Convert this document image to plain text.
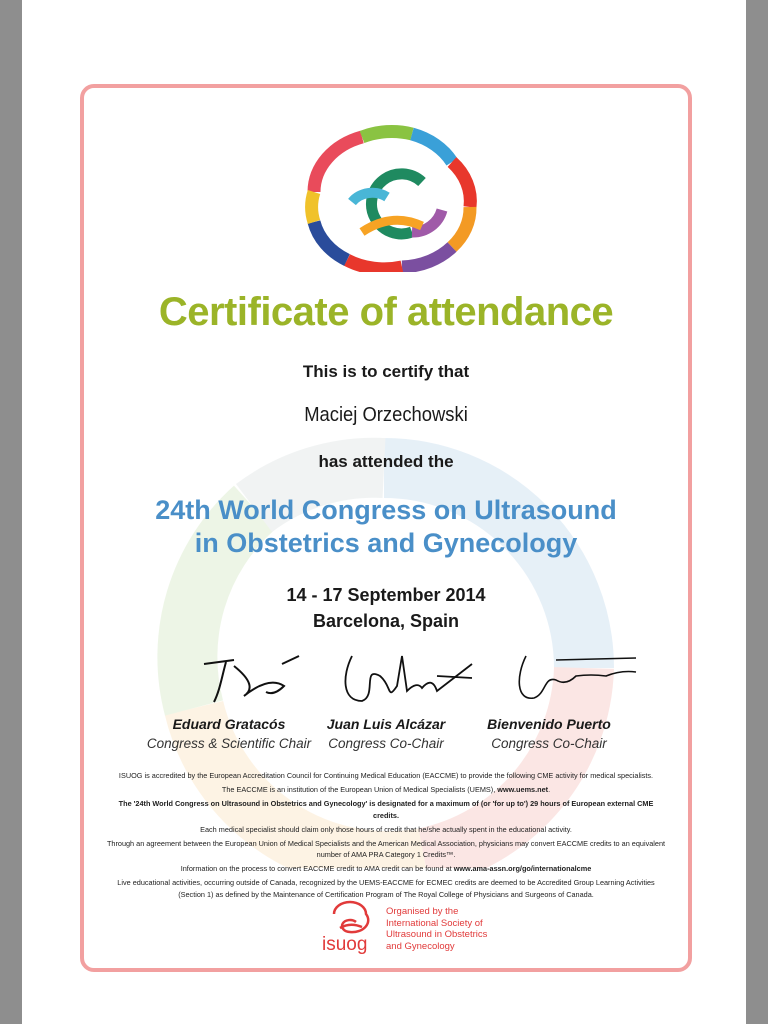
Certificate of attendance
This is to certify that
Maciej Orzechowski
has attended the
24th World Congress on Ultrasound
in Obstetrics and Gynecology
14 - 17 September 2014
Barcelona, Spain
Eduard Gratacós
Congress & Scientific Chair
Juan Luis Alcázar
Congress Co-Chair
Bienvenido Puerto
Congress Co-Chair

ISUOG is accredited by the European Accreditation Council for Continuing Medical Education (EACCME) to provide the following CME activity for medical specialists.

The EACCME is an institution of the European Union of Medical Specialists (UEMS), www.uems.net.

The '24th World Congress on Ultrasound in Obstetrics and Gynecology' is designated for a maximum of (or 'for up to') 29 hours of European external CME credits.

Each medical specialist should claim only those hours of credit that he/she actually spent in the educational activity.

Through an agreement between the European Union of Medical Specialists and the American Medical Association, physicians may convert EACCME credits to an equivalent number of AMA PRA Category 1 Credits™.

Information on the process to convert EACCME credit to AMA credit can be found at www.ama-assn.org/go/internationalcme

Live educational activities, occurring outside of Canada, recognized by the UEMS-EACCME for ECMEC credits are deemed to be Accredited Group Learning Activities (Section 1) as defined by the Maintenance of Certification Program of The Royal College of Physicians and Surgeons of Canada.

isuog
Organised by the
International Society of
Ultrasound in Obstetrics
and Gynecology
